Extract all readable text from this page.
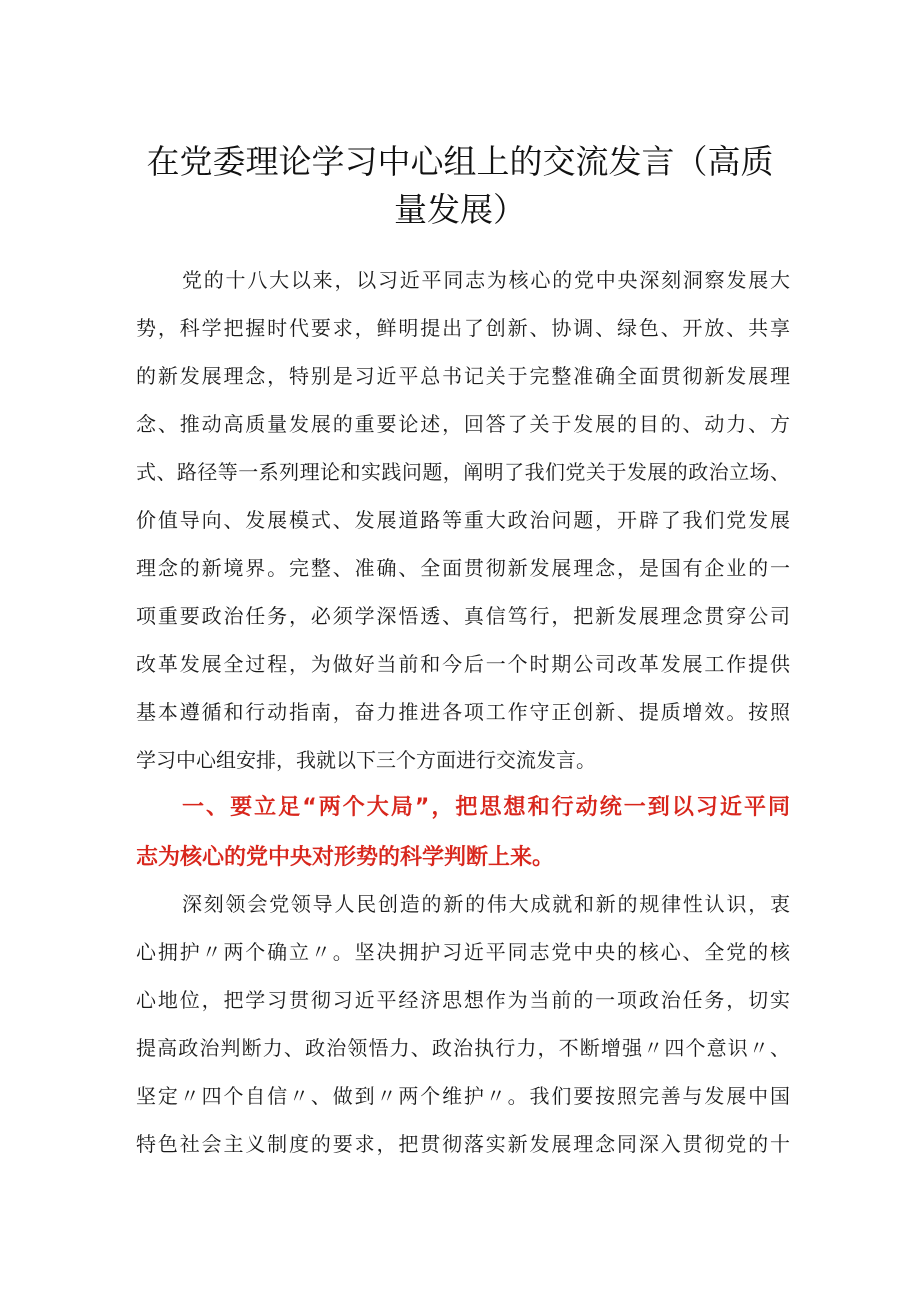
在党委理论学习中心组上的交流发言（高质
量发展）
党的十八大以来，以习近平同志为核心的党中央深刻洞察发展大
势，科学把握时代要求，鲜明提出了创新、协调、绿色、开放、共享
的新发展理念，特别是习近平总书记关于完整准确全面贯彻新发展理
念、推动高质量发展的重要论述，回答了关于发展的目的、动力、方
式、路径等一系列理论和实践问题，阐明了我们党关于发展的政治立场、
价值导向、发展模式、发展道路等重大政治问题，开辟了我们党发展
理念的新境界。完整、准确、全面贯彻新发展理念，是国有企业的一
项重要政治任务，必须学深悟透、真信笃行，把新发展理念贯穿公司
改革发展全过程，为做好当前和今后一个时期公司改革发展工作提供
基本遵循和行动指南，奋力推进各项工作守正创新、提质增效。按照
学习中心组安排，我就以下三个方面进行交流发言。
一、要立足“两个大局”，把思想和行动统一到以习近平同
志为核心的党中央对形势的科学判断上来。
深刻领会党领导人民创造的新的伟大成就和新的规律性认识，衷
心拥护〃两个确立〃。坚决拥护习近平同志党中央的核心、全党的核
心地位，把学习贯彻习近平经济思想作为当前的一项政治任务，切实
提高政治判断力、政治领悟力、政治执行力，不断增强〃四个意识〃、
坚定〃四个自信〃、做到〃两个维护〃。我们要按照完善与发展中国
特色社会主义制度的要求，把贯彻落实新发展理念同深入贯彻党的十
